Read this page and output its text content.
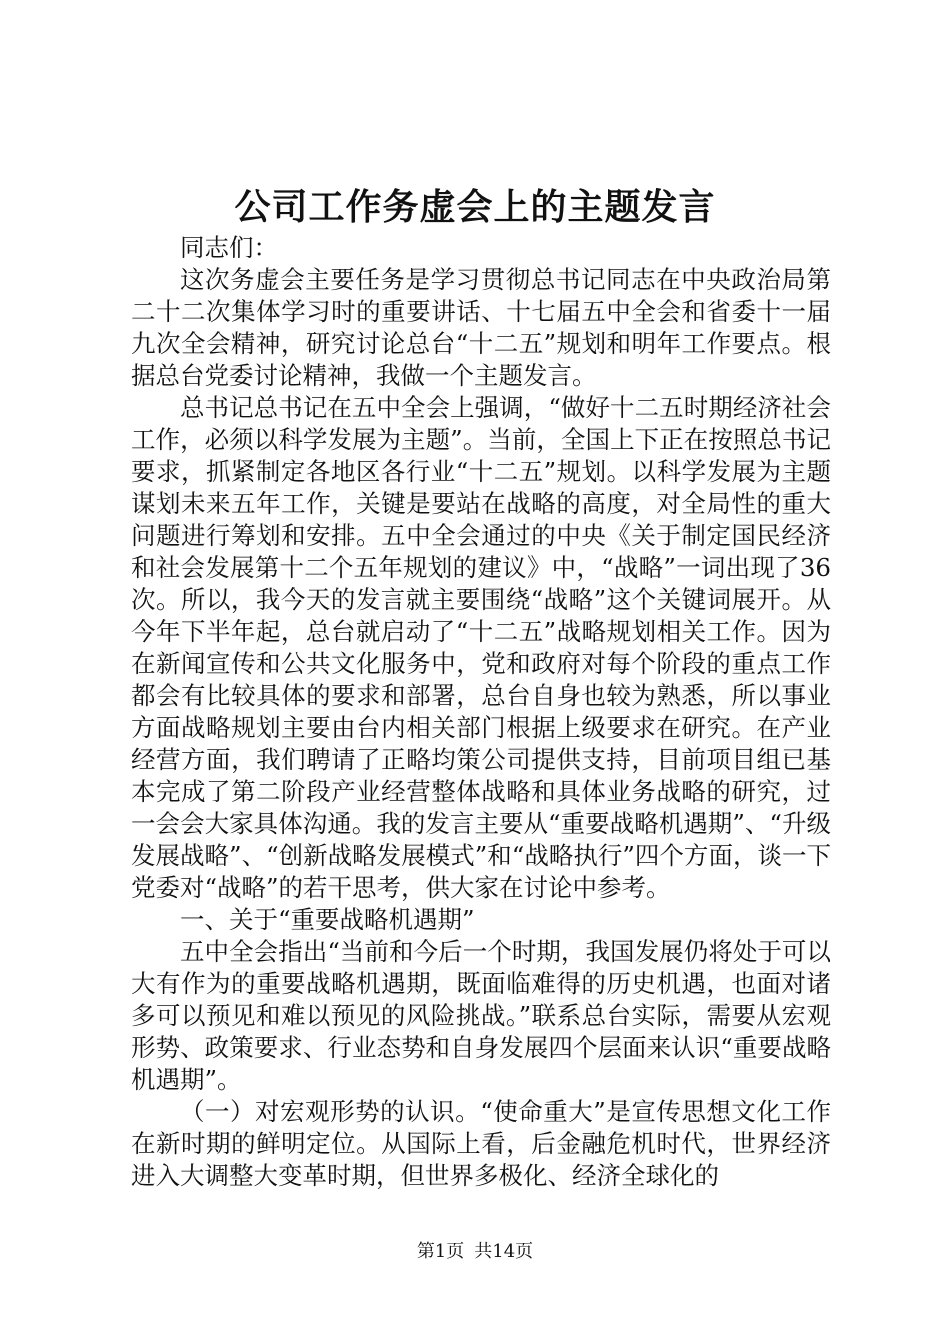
公司工作务虚会上的主题发言

同志们：

这次务虚会主要任务是学习贯彻总书记同志在中央政治局第二十二次集体学习时的重要讲话、十七届五中全会和省委十一届九次全会精神，研究讨论总台“十二五”规划和明年工作要点。根据总台党委讨论精神，我做一个主题发言。

总书记总书记在五中全会上强调，“做好十二五时期经济社会工作，必须以科学发展为主题”。当前，全国上下正在按照总书记要求，抓紧制定各地区各行业“十二五”规划。以科学发展为主题谋划未来五年工作，关键是要站在战略的高度，对全局性的重大问题进行筹划和安排。五中全会通过的中央《关于制定国民经济和社会发展第十二个五年规划的建议》中，“战略”一词出现了36次。所以，我今天的发言就主要围绕“战略”这个关键词展开。从今年下半年起，总台就启动了“十二五”战略规划相关工作。因为在新闻宣传和公共文化服务中，党和政府对每个阶段的重点工作都会有比较具体的要求和部署，总台自身也较为熟悉，所以事业方面战略规划主要由台内相关部门根据上级要求在研究。在产业经营方面，我们聘请了正略均策公司提供支持，目前项目组已基本完成了第二阶段产业经营整体战略和具体业务战略的研究，过一会会大家具体沟通。我的发言主要从“重要战略机遇期”、“升级发展战略”、“创新战略发展模式”和“战略执行”四个方面，谈一下党委对“战略”的若干思考，供大家在讨论中参考。

一、关于“重要战略机遇期”

五中全会指出“当前和今后一个时期，我国发展仍将处于可以大有作为的重要战略机遇期，既面临难得的历史机遇，也面对诸多可以预见和难以预见的风险挑战。”联系总台实际，需要从宏观形势、政策要求、行业态势和自身发展四个层面来认识“重要战略机遇期”。

（一）对宏观形势的认识。“使命重大”是宣传思想文化工作在新时期的鲜明定位。从国际上看，后金融危机时代，世界经济进入大调整大变革时期，但世界多极化、经济全球化的

第1页 共14页
